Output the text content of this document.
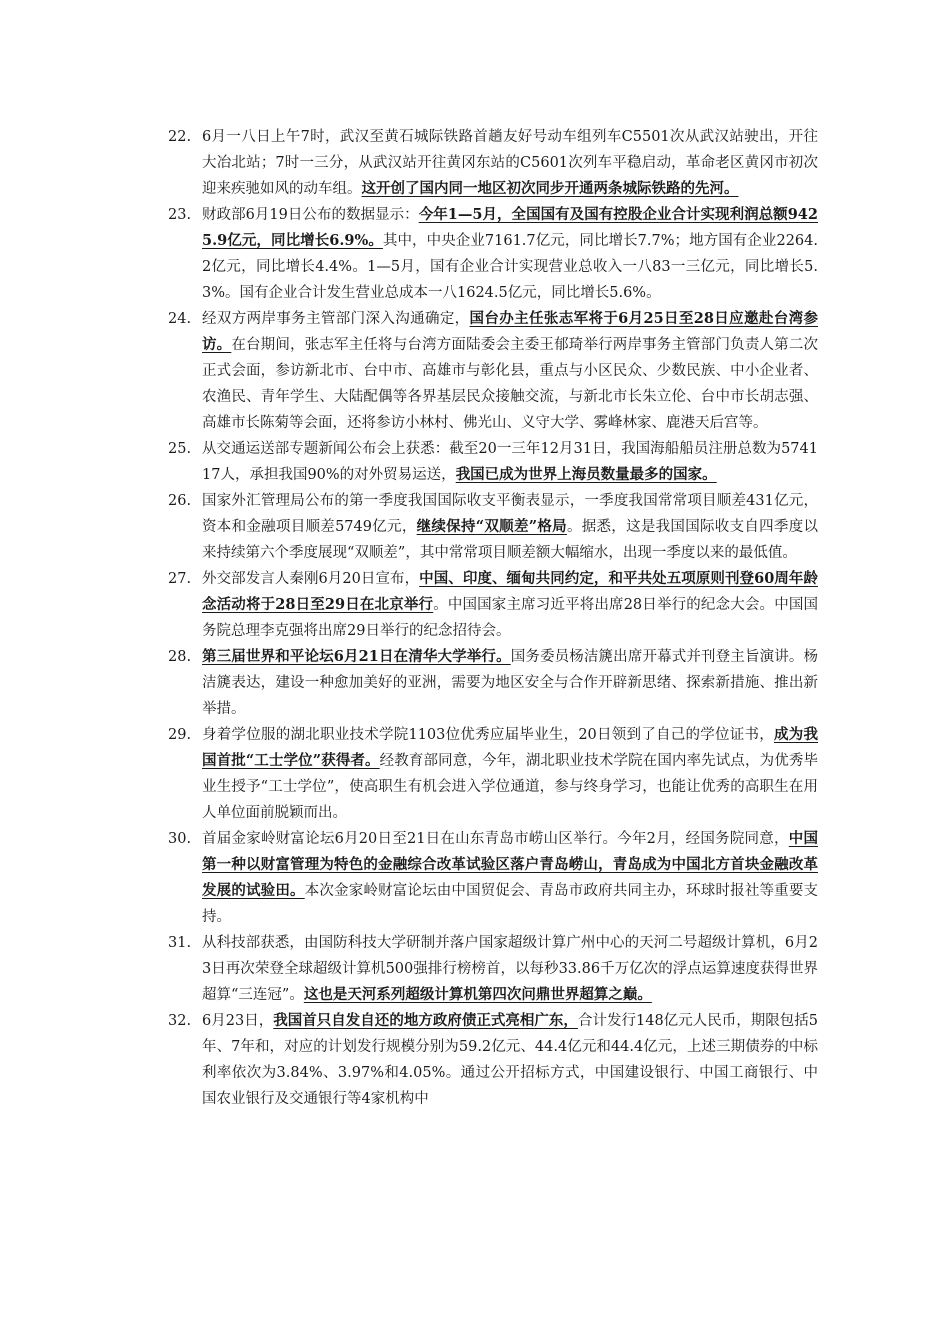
22. 6月一八日上午7时，武汉至黄石城际铁路首趟友好号动车组列车C5501次从武汉站驶出，开往大冶北站；7时一三分，从武汉站开往黄冈东站的C5601次列车平稳启动，革命老区黄冈市初次迎来疾驰如风的动车组。这开创了国内同一地区初次同步开通两条城际铁路的先河。
23. 财政部6月19日公布的数据显示：今年1—5月，全国国有及国有控股企业合计实现利润总额9425.9亿元，同比增长6.9%。其中，中央企业7161.7亿元，同比增长7.7%；地方国有企业2264.2亿元，同比增长4.4%。1—5月，国有企业合计实现营业总收入一八83一三亿元，同比增长5.3%。国有企业合计发生营业总成本一八1624.5亿元，同比增长5.6%。
24. 经双方两岸事务主管部门深入沟通确定，国台办主任张志军将于6月25日至28日应邀赴台湾参访。在台期间，张志军主任将与台湾方面陆委会主委王郁琦举行两岸事务主管部门负责人第二次正式会面，参访新北市、台中市、高雄市与彰化县，重点与小区民众、少数民族、中小企业者、农渔民、青年学生、大陆配偶等各界基层民众接触交流，与新北市长朱立伦、台中市长胡志强、高雄市长陈菊等会面，还将参访小林村、佛光山、义守大学、雾峰林家、鹿港天后宫等。
25. 从交通运送部专题新闻公布会上获悉：截至20一三年12月31日，我国海船船员注册总数为574117人，承担我国90%的对外贸易运送，我国已成为世界上海员数量最多的国家。
26. 国家外汇管理局公布的第一季度我国国际收支平衡表显示，一季度我国常常项目顺差431亿元，资本和金融项目顺差5749亿元，继续保持“双顺差”格局。据悉，这是我国国际收支自四季度以来持续第六个季度展现“双顺差”，其中常常项目顺差额大幅缩水，出现一季度以来的最低值。
27. 外交部发言人秦刚6月20日宣布，中国、印度、缅甸共同约定，和平共处五项原则刊登60周年龄念活动将于28日至29日在北京举行。中国国家主席习近平将出席28日举行的纪念大会。中国国务院总理李克强将出席29日举行的纪念招待会。
28. 第三届世界和平论坛6月21日在清华大学举行。国务委员杨洁篪出席开幕式并刊登主旨演讲。杨洁篪表达，建设一种愈加美好的亚洲，需要为地区安全与合作开辟新思绪、探索新措施、推出新举措。
29. 身着学位服的湖北职业技术学院1103位优秀应届毕业生，20日领到了自己的学位证书，成为我国首批“工士学位”获得者。经教育部同意，今年，湖北职业技术学院在国内率先试点，为优秀毕业生授予“工士学位”，使高职生有机会进入学位通道，参与终身学习，也能让优秀的高职生在用人单位面前脱颖而出。
30. 首届金家岭财富论坛6月20日至21日在山东青岛市崂山区举行。今年2月，经国务院同意，中国第一种以财富管理为特色的金融综合改革试验区落户青岛崂山，青岛成为中国北方首块金融改革发展的试验田。本次金家岭财富论坛由中国贸促会、青岛市政府共同主办，环球时报社等重要支持。
31. 从科技部获悉，由国防科技大学研制并落户国家超级计算广州中心的天河二号超级计算机，6月23日再次荣登全球超级计算机500强排行榜榜首，以每秒33.86千万亿次的浮点运算速度获得世界超算“三连冠”。这也是天河系列超级计算机第四次问鼎世界超算之巅。
32. 6月23日，我国首只自发自还的地方政府债正式亮相广东，合计发行148亿元人民币，期限包括5年、7年和，对应的计划发行规模分别为59.2亿元、44.4亿元和44.4亿元，上述三期债券的中标利率依次为3.84%、3.97%和4.05%。通过公开招标方式，中国建设银行、中国工商银行、中国农业银行及交通银行等4家机构中
